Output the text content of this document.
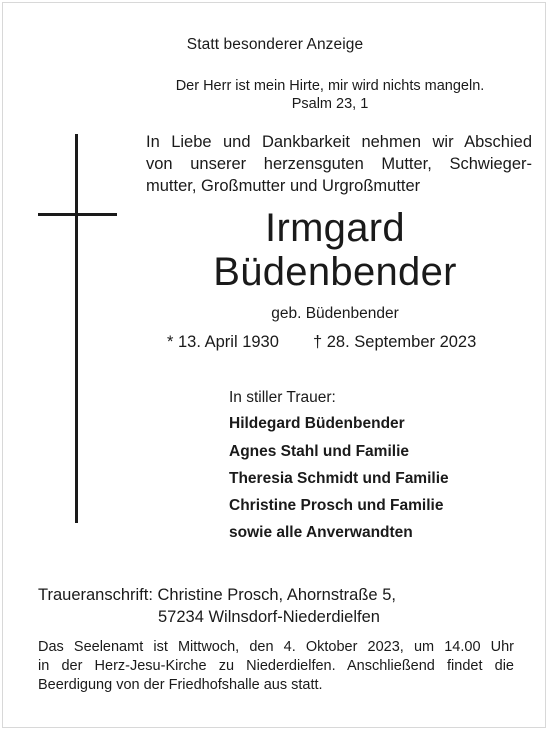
Statt besonderer Anzeige
Der Herr ist mein Hirte, mir wird nichts mangeln.
Psalm 23, 1
In Liebe und Dankbarkeit nehmen wir Abschied
von unserer herzensguten Mutter, Schwieger-
mutter, Großmutter und Urgroßmutter
Irmgard
Büdenbender
geb. Büdenbender
* 13. April 1930 † 28. September 2023
In stiller Trauer:
Hildegard Büdenbender
Agnes Stahl und Familie
Theresia Schmidt und Familie
Christine Prosch und Familie
sowie alle Anverwandten
Traueranschrift: Christine Prosch, Ahornstraße 5,
57234 Wilnsdorf-Niederdielfen
Das Seelenamt ist Mittwoch, den 4. Oktober 2023, um 14.00 Uhr
in der Herz-Jesu-Kirche zu Niederdielfen. Anschließend findet die
Beerdigung von der Friedhofshalle aus statt.
